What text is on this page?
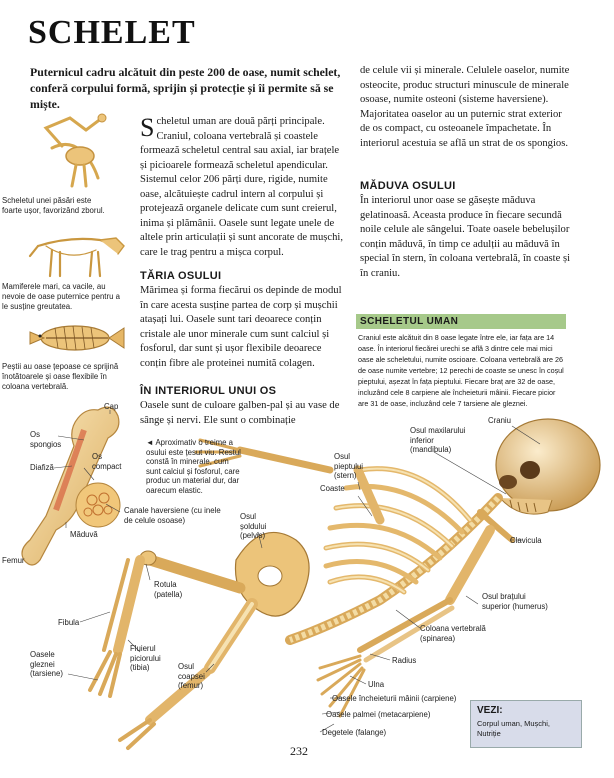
SCHELET
Puternicul cadru alcătuit din peste 200 de oase, numit schelet, conferă corpului formă, sprijin și protecție și îi permite să se miște.
Scheletul uman are două părți principale. Craniul, coloana vertebrală și coastele formează scheletul central sau axial, iar brațele și picioarele formează scheletul apendicular. Sistemul celor 206 părți dure, rigide, numite oase, alcătuiește cadrul intern al corpului și protejează organele delicate cum sunt creierul, inima și plămânii. Oasele sunt legate unele de altele prin articulații și sunt ancorate de mușchi, care le trag pentru a mișca corpul.
TĂRIA OSULUI
Mărimea și forma fiecărui os depinde de modul în care acesta susține partea de corp și mușchii atașați lui. Oasele sunt tari deoarece conțin cristale ale unor minerale cum sunt calciul și fosforul, dar sunt și ușor flexibile deoarece conțin fibre ale proteinei numită colagen.
ÎN INTERIORUL UNUI OS
Oasele sunt de culoare galben-pal și au vase de sânge și nervi. Ele sunt o combinație
de celule vii și minerale. Celulele oaselor, numite osteocite, produc structuri minuscule de minerale osoase, numite osteoni (sisteme haversiene). Majoritatea oaselor au un puternic strat exterior de os compact, cu osteoanele împachetate. În interiorul acestuia se află un strat de os spongios.
MĂDUVA OSULUI
În interiorul unor oase se găsește măduva gelatinoasă. Aceasta produce în fiecare secundă noile celule ale sângelui. Toate oasele bebelușilor conțin măduvă, în timp ce adulții au măduvă în special în stern, în coloana vertebrală, în coaste și în craniu.
SCHELETUL UMAN
Craniul este alcătuit din 8 oase legate între ele, iar fața are 14 oase. În interiorul fiecărei urechi se află 3 dintre cele mai mici oase ale scheletului, numite oscioare. Coloana vertebrală are 26 de oase numite vertebre; 12 perechi de coaste se unesc în coșul pieptului, așezat în fața pieptului. Fiecare braț are 32 de oase, incluzând cele 8 carpiene ale încheieturii mâinii. Fiecare picior are 31 de oase, incluzând cele 7 tarsiene ale gleznei.
Scheletul unei păsări este foarte ușor, favorizând zborul.
Mamiferele mari, ca vacile, au nevoie de oase puternice pentru a le susține greutatea.
Peștii au oase țepoase ce sprijină înotătoarele și oase flexibile în coloana vertebrală.
Cap
Os spongios
Os compact
Diafiză
Măduvă
Femur
Canale haversiene (cu inele de celule osoase)
◄ Aproximativ o treime a osului este țesut viu. Restul constă în minerale, cum sunt calciul și fosforul, care produc un material dur, dar oarecum elastic.
Craniu
Osul maxilarului inferior (mandibula)
Osul pieptului (stern)
Coaste
Clavicula
Osul șoldului (pelvis)
Osul brațului superior (humerus)
Rotula (patella)
Fibula
Fluierul piciorului (tibia)
Oasele gleznei (tarsiene)
Osul coapsei (femur)
Coloana vertebrală (spinarea)
Radius
Ulna
Oasele încheieturii mâinii (carpiene)
Oasele palmei (metacarpiene)
Degetele (falange)
VEZI:
Corpul uman, Mușchi, Nutriție
232
